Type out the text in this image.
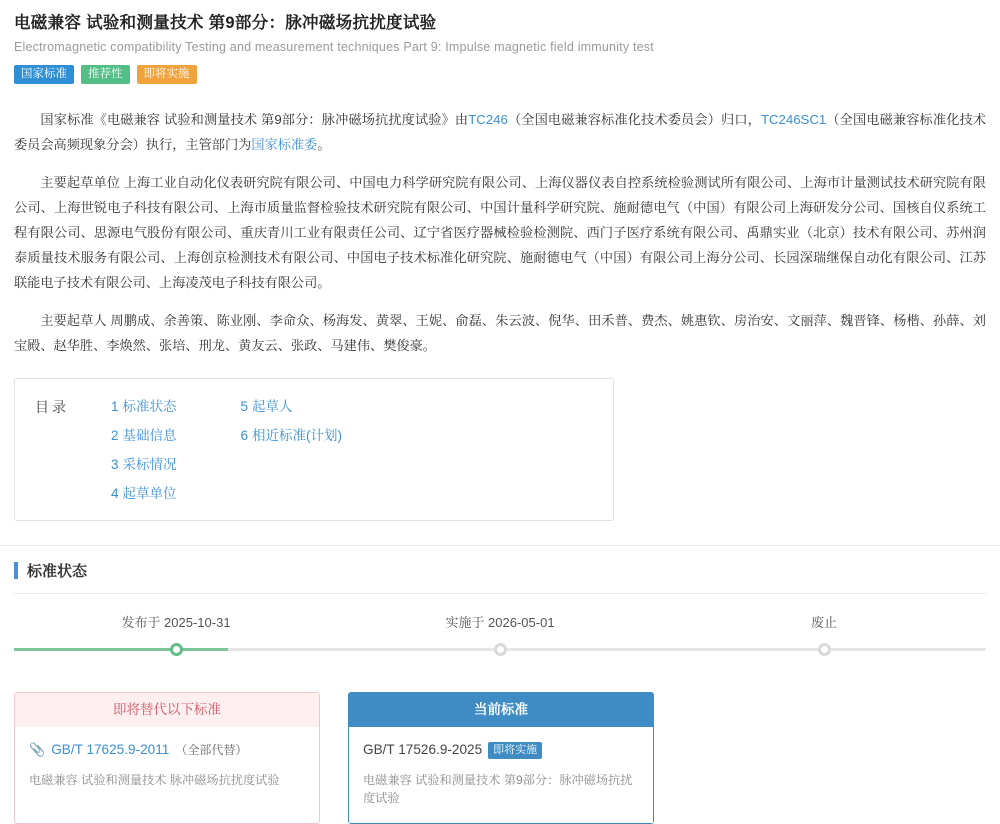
电磁兼容 试验和测量技术 第9部分：脉冲磁场抗扰度试验
Electromagnetic compatibility Testing and measurement techniques Part 9: Impulse magnetic field immunity test
国家标准	推荐性	即将实施

国家标准《电磁兼容 试验和测量技术 第9部分：脉冲磁场抗扰度试验》由TC246（全国电磁兼容标准化技术委员会）归口，TC246SC1（全国电磁兼容标准化技术委员会高频现象分会）执行，主管部门为国家标准委。

主要起草单位 上海工业自动化仪表研究院有限公司、中国电力科学研究院有限公司、上海仪器仪表自控系统检验测试所有限公司、上海市计量测试技术研究院有限公司、上海世锐电子科技有限公司、上海市质量监督检验技术研究院有限公司、中国计量科学研究院、施耐德电气（中国）有限公司上海研发分公司、国核自仪系统工程有限公司、思源电气股份有限公司、重庆青川工业有限责任公司、辽宁省医疗器械检验检测院、西门子医疗系统有限公司、禹鼎实业（北京）技术有限公司、苏州润泰质量技术服务有限公司、上海创京检测技术有限公司、中国电子技术标准化研究院、施耐德电气（中国）有限公司上海分公司、长园深瑞继保自动化有限公司、江苏联能电子技术有限公司、上海凌茂电子科技有限公司。

主要起草人 周鹏成、余善策、陈业刚、李命众、杨海发、黄翠、王妮、俞磊、朱云波、倪华、田禾普、费杰、姚惠钦、房治安、文丽萍、魏晋锋、杨楷、孙薛、刘宝殿、赵华胜、李焕然、张培、刑龙、黄友云、张政、马建伟、樊俊豪。

目录	1 标准状态
2 基础信息
3 采标情况
4 起草单位
5 起草人
6 相近标准(计划)
标准状态
发布于 2025-10-31	实施于 2026-05-01	废止
即将替代以下标准
📎 GB/T 17625.9-2011 （全部代替）
电磁兼容 试验和测量技术 脉冲磁场抗扰度试验
当前标准
GB/T 17526.9-2025	即将实施
电磁兼容 试验和测量技术 第9部分：脉冲磁场抗扰度试验
